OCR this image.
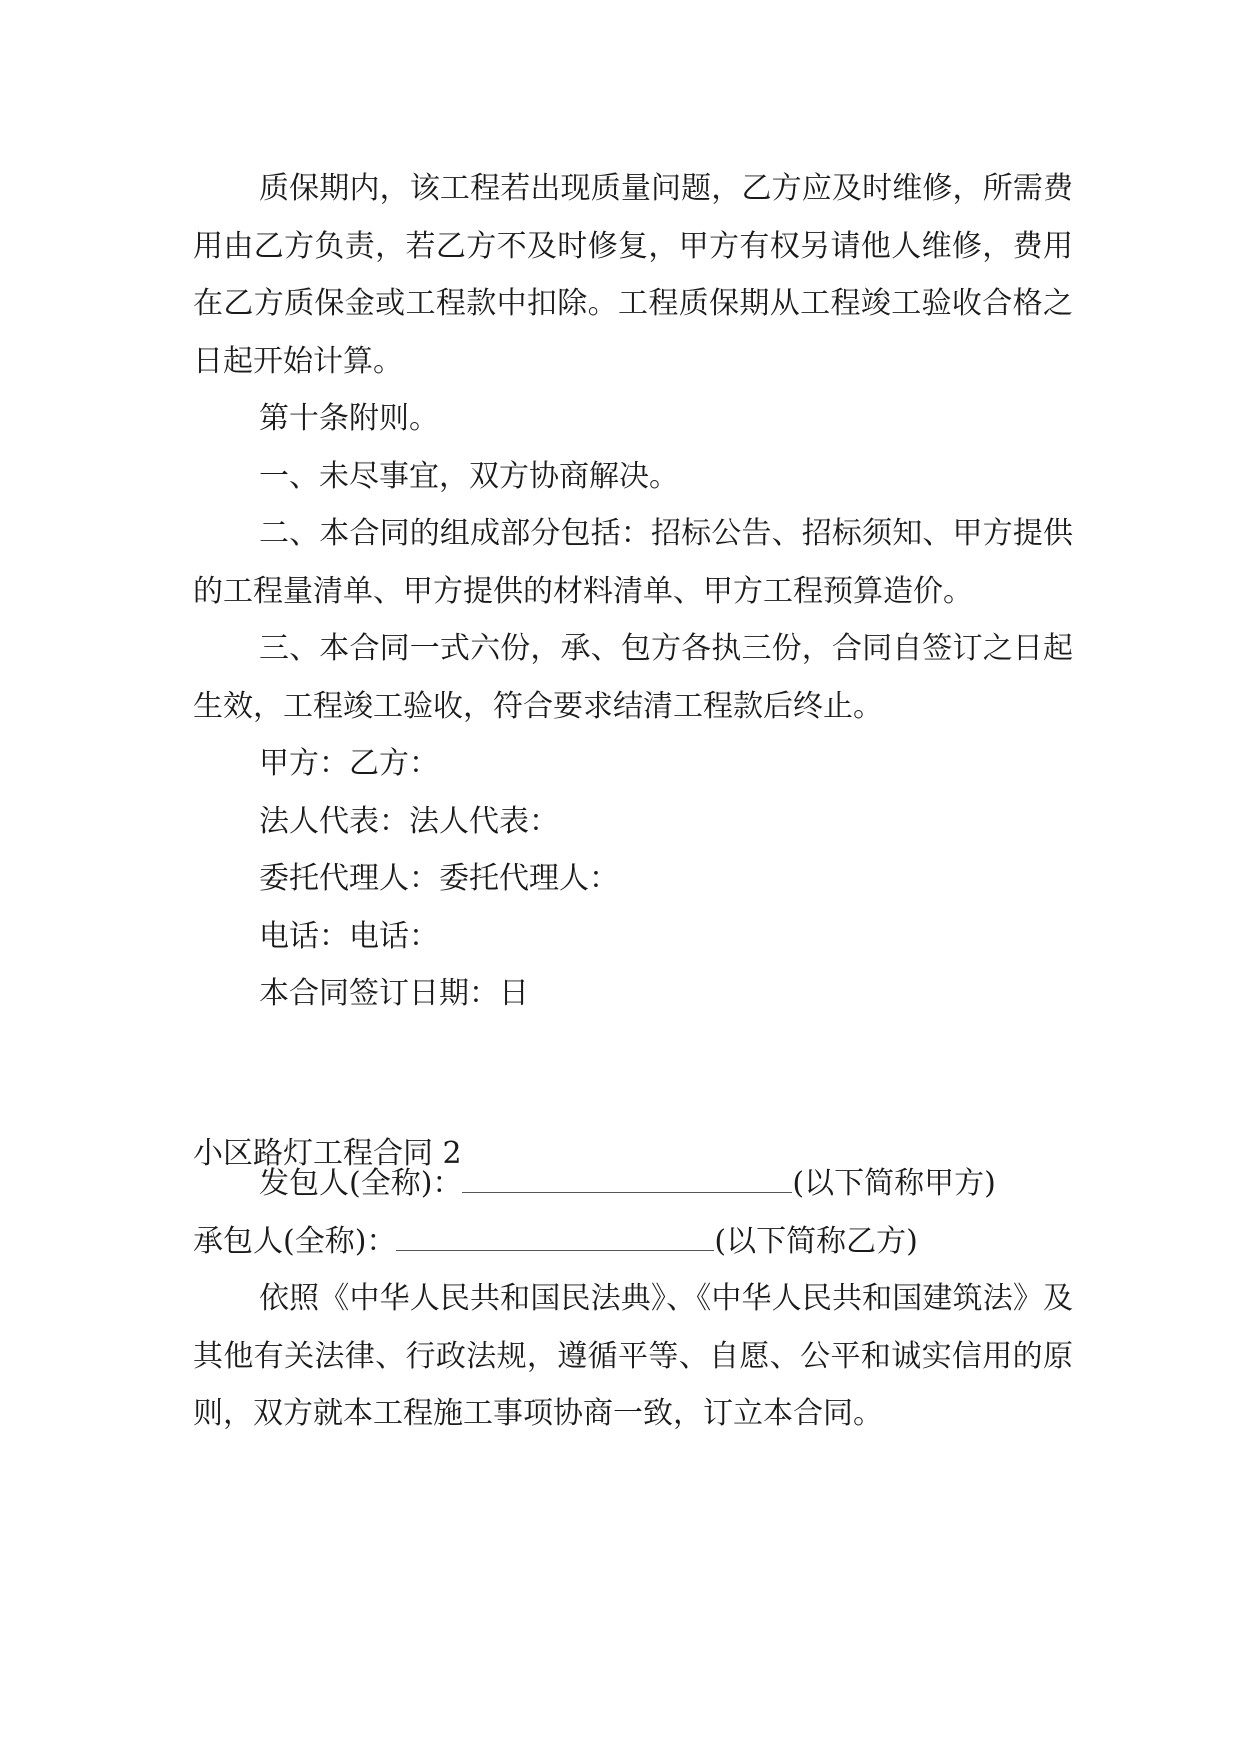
质保期内，该工程若出现质量问题，乙方应及时维修，所需费用由乙方负责，若乙方不及时修复，甲方有权另请他人维修，费用在乙方质保金或工程款中扣除。工程质保期从工程竣工验收合格之日起开始计算。

第十条附则。

一、未尽事宜，双方协商解决。

二、本合同的组成部分包括：招标公告、招标须知、甲方提供的工程量清单、甲方提供的材料清单、甲方工程预算造价。

三、本合同一式六份，承、包方各执三份，合同自签订之日起生效，工程竣工验收，符合要求结清工程款后终止。

甲方：乙方：

法人代表：法人代表：

委托代理人：委托代理人：

电话：电话：

本合同签订日期：日

小区路灯工程合同 2

发包人(全称)：	(以下简称甲方)

承包人(全称)：	(以下简称乙方)

依照《中华人民共和国民法典》、《中华人民共和国建筑法》及其他有关法律、行政法规，遵循平等、自愿、公平和诚实信用的原则，双方就本工程施工事项协商一致，订立本合同。
